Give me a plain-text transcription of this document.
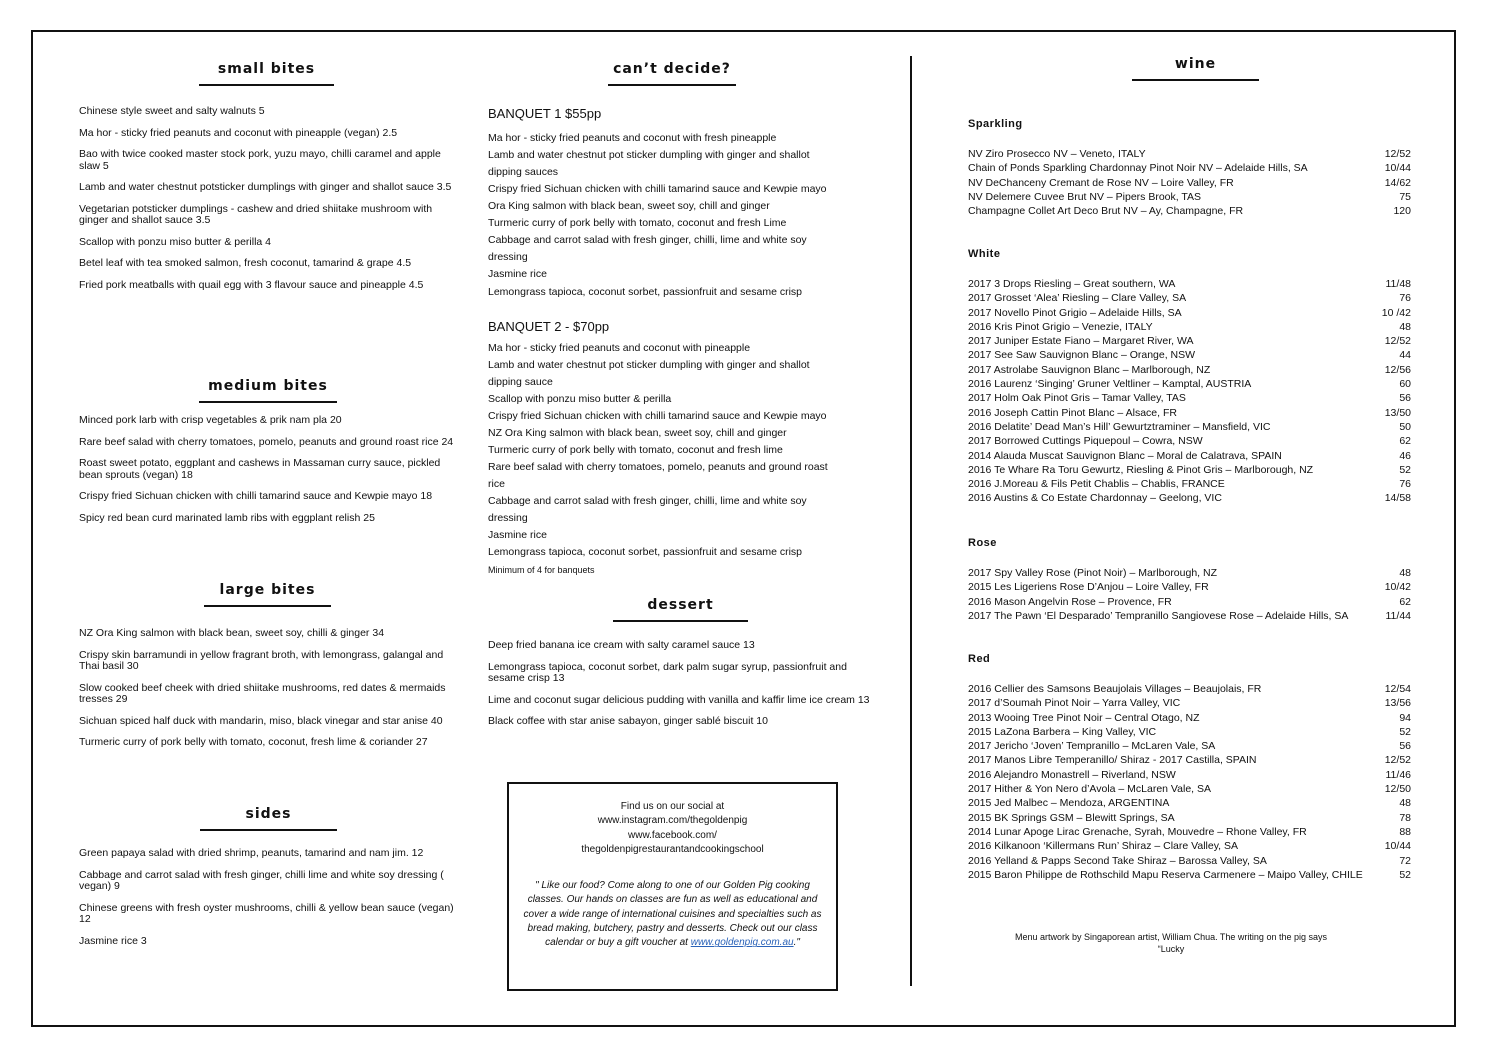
small bites
Chinese style sweet and salty walnuts 5
Ma hor - sticky fried peanuts and coconut with pineapple (vegan) 2.5
Bao with twice cooked master stock pork, yuzu mayo, chilli caramel and apple slaw 5
Lamb and water chestnut potsticker dumplings with ginger and shallot sauce 3.5
Vegetarian potsticker dumplings - cashew and dried shiitake mushroom with ginger and shallot sauce 3.5
Scallop with ponzu miso butter & perilla 4
Betel leaf with tea smoked salmon, fresh coconut, tamarind & grape 4.5
Fried pork meatballs with quail egg with 3 flavour sauce and pineapple 4.5
medium bites
Minced pork larb with crisp vegetables & prik nam pla 20
Rare beef salad with cherry tomatoes, pomelo, peanuts and ground roast rice 24
Roast sweet potato, eggplant and cashews in Massaman curry sauce, pickled bean sprouts (vegan) 18
Crispy fried Sichuan chicken with chilli tamarind sauce and Kewpie mayo 18
Spicy red bean curd marinated lamb ribs with eggplant relish 25
large bites
NZ Ora King salmon with black bean, sweet soy, chilli & ginger 34
Crispy skin barramundi in yellow fragrant broth, with lemongrass, galangal and Thai basil 30
Slow cooked beef cheek with dried shiitake mushrooms, red dates & mermaids tresses 29
Sichuan spiced half duck with mandarin, miso, black vinegar and star anise 40
Turmeric curry of pork belly with tomato, coconut, fresh lime & coriander 27
sides
Green papaya salad with dried shrimp, peanuts, tamarind and nam jim. 12
Cabbage and carrot salad with fresh ginger, chilli lime and white soy dressing ( vegan) 9
Chinese greens with fresh oyster mushrooms, chilli & yellow bean sauce (vegan) 12
Jasmine rice 3
can’t decide?
BANQUET 1 $55pp
Ma hor - sticky fried peanuts and coconut with fresh pineapple
Lamb and water chestnut pot sticker dumpling with ginger and shallot dipping sauces
Crispy fried Sichuan chicken with chilli tamarind sauce and Kewpie mayo
Ora King salmon with black bean, sweet soy, chill and ginger
Turmeric curry of pork belly with tomato, coconut and fresh Lime
Cabbage and carrot salad with fresh ginger, chilli, lime and white soy dressing
Jasmine rice
Lemongrass tapioca, coconut sorbet, passionfruit and sesame crisp
BANQUET 2 - $70pp
Ma hor - sticky fried peanuts and coconut with pineapple
Lamb and water chestnut pot sticker dumpling with ginger and shallot dipping sauce
Scallop with ponzu miso butter & perilla
Crispy fried Sichuan chicken with chilli tamarind sauce and Kewpie mayo
NZ Ora King salmon with black bean, sweet soy, chill and ginger
Turmeric curry of pork belly with tomato, coconut and fresh lime
Rare beef salad with cherry tomatoes, pomelo, peanuts and ground roast rice
Cabbage and carrot salad with fresh ginger, chilli, lime and white soy dressing
Jasmine rice
Lemongrass tapioca, coconut sorbet, passionfruit and sesame crisp
Minimum of 4 for banquets
dessert
Deep fried banana ice cream with salty caramel sauce 13
Lemongrass tapioca, coconut sorbet, dark palm sugar syrup, passionfruit and sesame crisp 13
Lime and coconut sugar delicious pudding with vanilla and kaffir lime ice cream 13
Black coffee with star anise sabayon, ginger sablé biscuit 10
Find us on our social at
www.instagram.com/thegoldenpig
www.facebook.com/
thegoldenpigrestaurantandcookingschool
" Like our food? Come along to one of our Golden Pig cooking classes. Our hands on classes are fun as well as educational and cover a wide range of international cuisines and specialties such as bread making, butchery, pastry and desserts. Check out our class calendar or buy a gift voucher at www.goldenpig.com.au."
wine
Sparkling
NV Ziro Prosecco NV – Veneto, ITALY	12/52
Chain of Ponds Sparkling Chardonnay Pinot Noir NV – Adelaide Hills, SA	10/44
NV DeChanceny Cremant de Rose NV – Loire Valley, FR	14/62
NV Delemere Cuvee Brut NV – Pipers Brook, TAS	75
Champagne Collet Art Deco Brut NV – Ay, Champagne, FR	120
White
2017 3 Drops Riesling – Great southern, WA	11/48
2017 Grosset ‘Alea’ Riesling – Clare Valley, SA	76
2017 Novello Pinot Grigio – Adelaide Hills, SA	10 /42
2016 Kris Pinot Grigio – Venezie, ITALY	48
2017 Juniper Estate Fiano – Margaret River, WA	12/52
2017 See Saw Sauvignon Blanc – Orange, NSW	44
2017 Astrolabe Sauvignon Blanc – Marlborough, NZ	12/56
2016 Laurenz ‘Singing’ Gruner Veltliner – Kamptal, AUSTRIA	60
2017 Holm Oak Pinot Gris – Tamar Valley, TAS	56
2016 Joseph Cattin Pinot Blanc – Alsace, FR	13/50
2016 Delatite’ Dead Man’s Hill’ Gewurtztraminer – Mansfield, VIC	50
2017 Borrowed Cuttings Piquepoul – Cowra, NSW	62
2014 Alauda Muscat Sauvignon Blanc – Moral de Calatrava, SPAIN	46
2016 Te Whare Ra Toru Gewurtz, Riesling & Pinot Gris – Marlborough, NZ	52
2016 J.Moreau & Fils Petit Chablis – Chablis, FRANCE	76
2016 Austins & Co Estate Chardonnay – Geelong, VIC	14/58
Rose
2017 Spy Valley Rose (Pinot Noir) – Marlborough, NZ	48
2015 Les Ligeriens Rose D’Anjou – Loire Valley, FR	10/42
2016 Mason Angelvin Rose – Provence, FR	62
2017 The Pawn ‘El Desparado’ Tempranillo Sangiovese Rose – Adelaide Hills, SA	11/44
Red
2016 Cellier des Samsons Beaujolais Villages – Beaujolais, FR	12/54
2017 d’Soumah Pinot Noir – Yarra Valley, VIC	13/56
2013 Wooing Tree Pinot Noir – Central Otago, NZ	94
2015 LaZona Barbera – King Valley, VIC	52
2017 Jericho ‘Joven’ Tempranillo – McLaren Vale, SA	56
2017 Manos Libre Temperanillo/ Shiraz - 2017 Castilla, SPAIN	12/52
2016 Alejandro Monastrell – Riverland, NSW	11/46
2017 Hither & Yon Nero d’Avola – McLaren Vale, SA	12/50
2015 Jed Malbec – Mendoza, ARGENTINA	48
2015 BK Springs GSM – Blewitt Springs, SA	78
2014 Lunar Apoge Lirac Grenache, Syrah, Mouvedre – Rhone Valley, FR	88
2016 Kilkanoon ‘Killermans Run’ Shiraz – Clare Valley, SA	10/44
2016 Yelland & Papps Second Take Shiraz – Barossa Valley, SA	72
2015 Baron Philippe de Rothschild Mapu Reserva Carmenere – Maipo Valley, CHILE	52
Menu artwork by Singaporean artist, William Chua. The writing on the pig says
“Lucky
